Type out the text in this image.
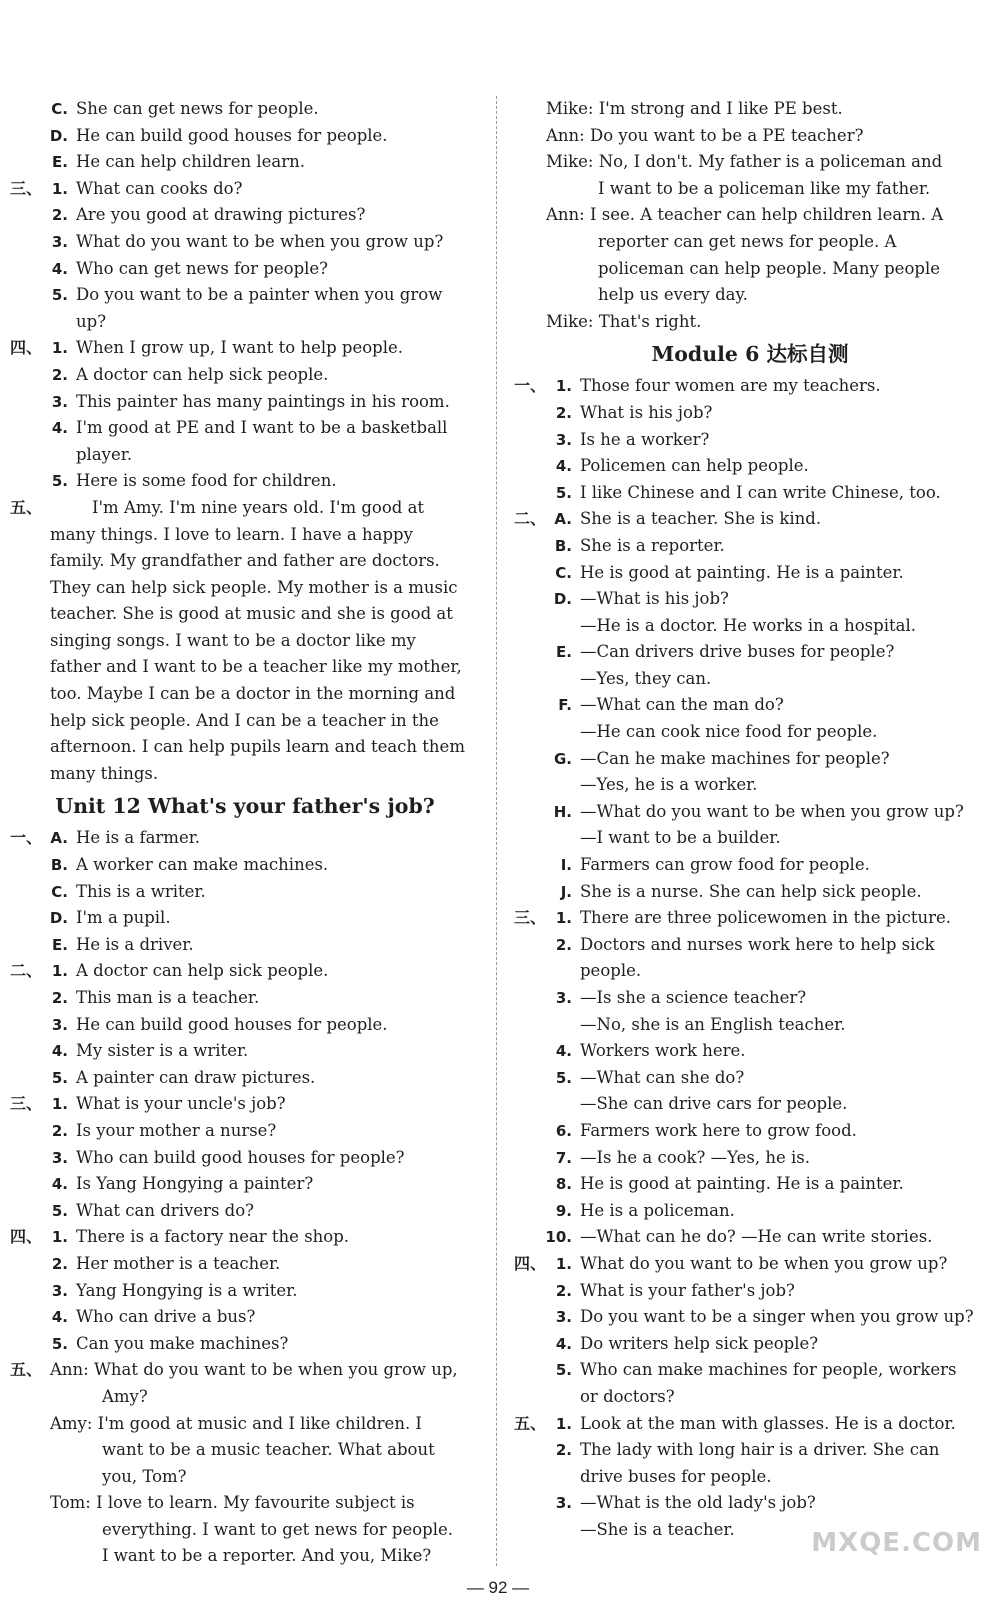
C. She can get news for people.
D. He can build good houses for people.
E. He can help children learn.
三、 1. What can cooks do?
2. Are you good at drawing pictures?
3. What do you want to be when you grow up?
4. Who can get news for people?
5. Do you want to be a painter when you grow
up?
四、 1. When I grow up, I want to help people.
2. A doctor can help sick people.
3. This painter has many paintings in his room.
4. I'm good at PE and I want to be a basketball
player.
5. Here is some food for children.
五、	I'm Amy. I'm nine years old. I'm good at
many things. I love to learn. I have a happy
family. My grandfather and father are doctors.
They can help sick people. My mother is a music
teacher. She is good at music and she is good at
singing songs. I want to be a doctor like my
father and I want to be a teacher like my mother,
too. Maybe I can be a doctor in the morning and
help sick people. And I can be a teacher in the
afternoon. I can help pupils learn and teach them
many things.
Unit 12 What's your father's job?
一、 A. He is a farmer.
B. A worker can make machines.
C. This is a writer.
D. I'm a pupil.
E. He is a driver.
二、 1. A doctor can help sick people.
2. This man is a teacher.
3. He can build good houses for people.
4. My sister is a writer.
5. A painter can draw pictures.
三、 1. What is your uncle's job?
2. Is your mother a nurse?
3. Who can build good houses for people?
4. Is Yang Hongying a painter?
5. What can drivers do?
四、 1. There is a factory near the shop.
2. Her mother is a teacher.
3. Yang Hongying is a writer.
4. Who can drive a bus?
5. Can you make machines?
五、 Ann: What do you want to be when you grow up,
Amy?
Amy: I'm good at music and I like children. I
want to be a music teacher. What about
you, Tom?
Tom: I love to learn. My favourite subject is
everything. I want to get news for people.
I want to be a reporter. And you, Mike?
Mike: I'm strong and I like PE best.
Ann: Do you want to be a PE teacher?
Mike: No, I don't. My father is a policeman and
I want to be a policeman like my father.
Ann: I see. A teacher can help children learn. A
reporter can get news for people. A
policeman can help people. Many people
help us every day.
Mike: That's right.
Module 6 达标自测
一、 1. Those four women are my teachers.
2. What is his job?
3. Is he a worker?
4. Policemen can help people.
5. I like Chinese and I can write Chinese, too.
二、 A. She is a teacher. She is kind.
B. She is a reporter.
C. He is good at painting. He is a painter.
D. —What is his job?
—He is a doctor. He works in a hospital.
E. —Can drivers drive buses for people?
—Yes, they can.
F. —What can the man do?
—He can cook nice food for people.
G. —Can he make machines for people?
—Yes, he is a worker.
H. —What do you want to be when you grow up?
—I want to be a builder.
I. Farmers can grow food for people.
J. She is a nurse. She can help sick people.
三、 1. There are three policewomen in the picture.
2. Doctors and nurses work here to help sick
people.
3. —Is she a science teacher?
—No, she is an English teacher.
4. Workers work here.
5. —What can she do?
—She can drive cars for people.
6. Farmers work here to grow food.
7. —Is he a cook? —Yes, he is.
8. He is good at painting. He is a painter.
9. He is a policeman.
10. —What can he do? —He can write stories.
四、 1. What do you want to be when you grow up?
2. What is your father's job?
3. Do you want to be a singer when you grow up?
4. Do writers help sick people?
5. Who can make machines for people, workers
or doctors?
五、 1. Look at the man with glasses. He is a doctor.
2. The lady with long hair is a driver. She can
drive buses for people.
3. —What is the old lady's job?
—She is a teacher.
— 92 —
MXQE.COM
